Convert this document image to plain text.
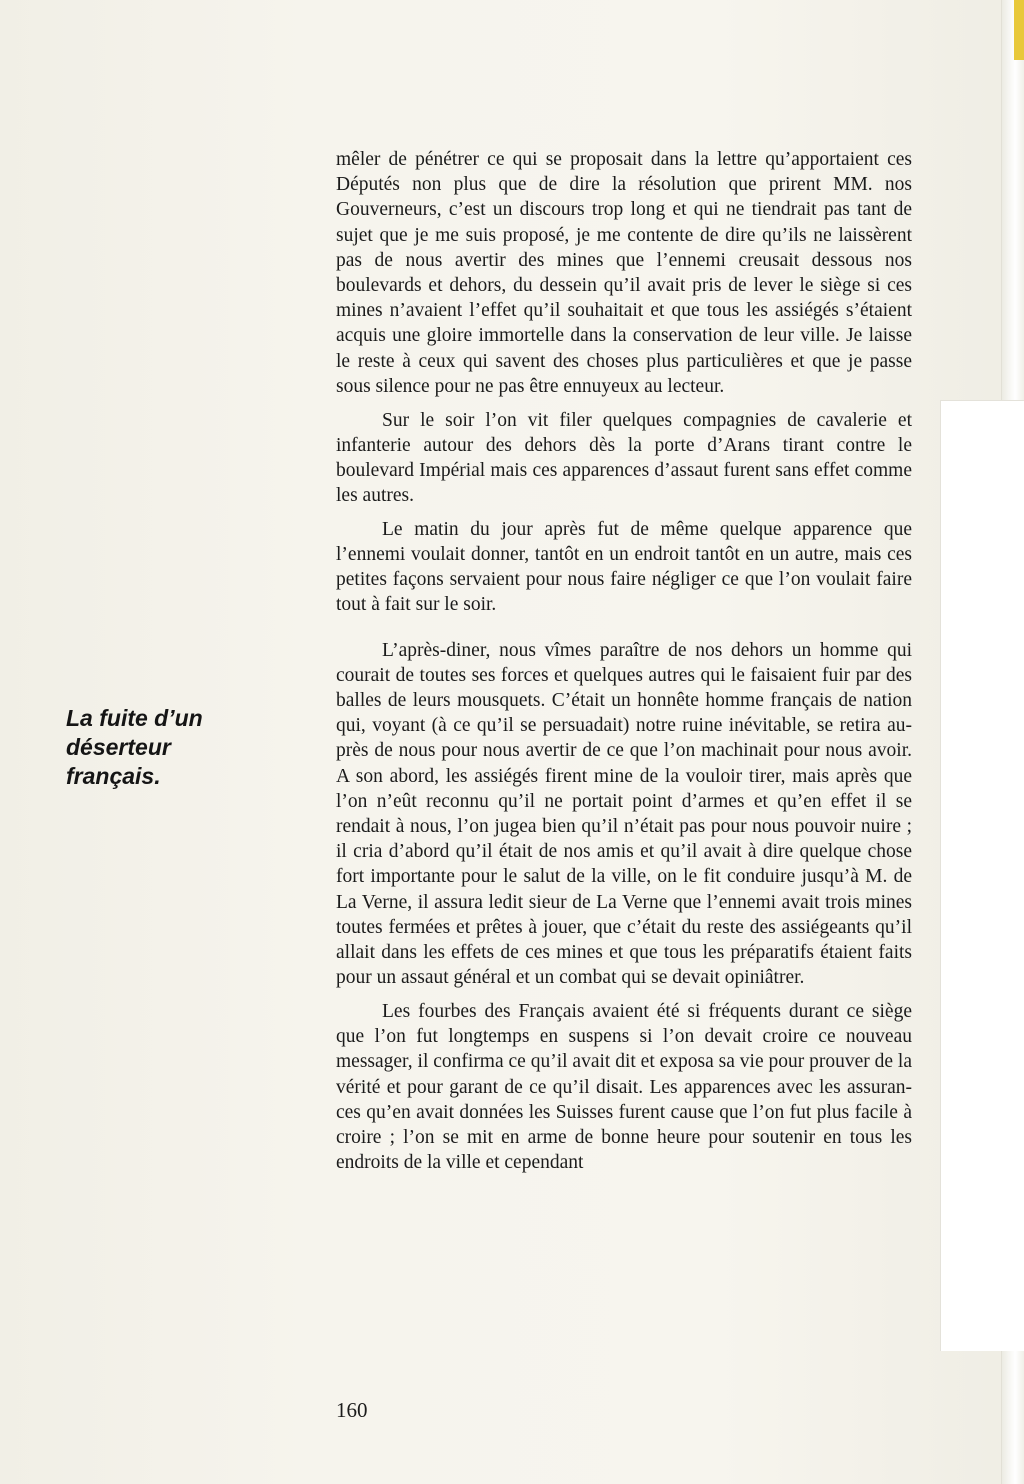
La fuite d’un
déserteur
français.

mêler de pénétrer ce qui se proposait dans la lettre qu’apportaient ces Députés non plus que de dire la résolution que prirent MM. nos Gouverneurs, c’est un discours trop long et qui ne tiendrait pas tant de sujet que je me suis proposé, je me contente de dire qu’ils ne laissèrent pas de nous avertir des mines que l’ennemi creusait dessous nos boulevards et dehors, du dessein qu’il avait pris de lever le siège si ces mines n’avaient l’effet qu’il souhaitait et que tous les assiégés s’étaient acquis une gloire immortelle dans la conservation de leur ville. Je laisse le reste à ceux qui savent des choses plus particulières et que je passe sous silence pour ne pas être ennuyeux au lecteur.

Sur le soir l’on vit filer quelques compagnies de cavalerie et infanterie autour des dehors dès la porte d’Arans tirant contre le boulevard Impérial mais ces apparences d’assaut furent sans effet comme les autres.

Le matin du jour après fut de même quelque apparence que l’ennemi voulait donner, tantôt en un endroit tantôt en un autre, mais ces petites façons servaient pour nous faire négliger ce que l’on voulait faire tout à fait sur le soir.

L’après-diner, nous vîmes paraître de nos dehors un homme qui courait de toutes ses forces et quelques autres qui le faisaient fuir par des balles de leurs mousquets. C’était un honnête homme français de nation qui, voyant (à ce qu’il se persuadait) notre ruine inévitable, se retira auprès de nous pour nous avertir de ce que l’on machinait pour nous avoir. A son abord, les assiégés firent mine de la vouloir tirer, mais après que l’on n’eût reconnu qu’il ne portait point d’armes et qu’en effet il se rendait à nous, l’on jugea bien qu’il n’était pas pour nous pouvoir nuire ; il cria d’abord qu’il était de nos amis et qu’il avait à dire quelque chose fort importante pour le salut de la ville, on le fit conduire jusqu’à M. de La Verne, il assura ledit sieur de La Verne que l’ennemi avait trois mines toutes fermées et prêtes à jouer, que c’était du reste des assiégeants qu’il allait dans les effets de ces mines et que tous les préparatifs étaient faits pour un assaut général et un combat qui se devait opiniâtrer.

Les fourbes des Français avaient été si fréquents durant ce siège que l’on fut longtemps en suspens si l’on devait croire ce nouveau messager, il confirma ce qu’il avait dit et exposa sa vie pour prouver de la vérité et pour garant de ce qu’il disait. Les apparences avec les assurances qu’en avait données les Suisses furent cause que l’on fut plus facile à croire ; l’on se mit en arme de bonne heure pour soutenir en tous les endroits de la ville et cependant

160
